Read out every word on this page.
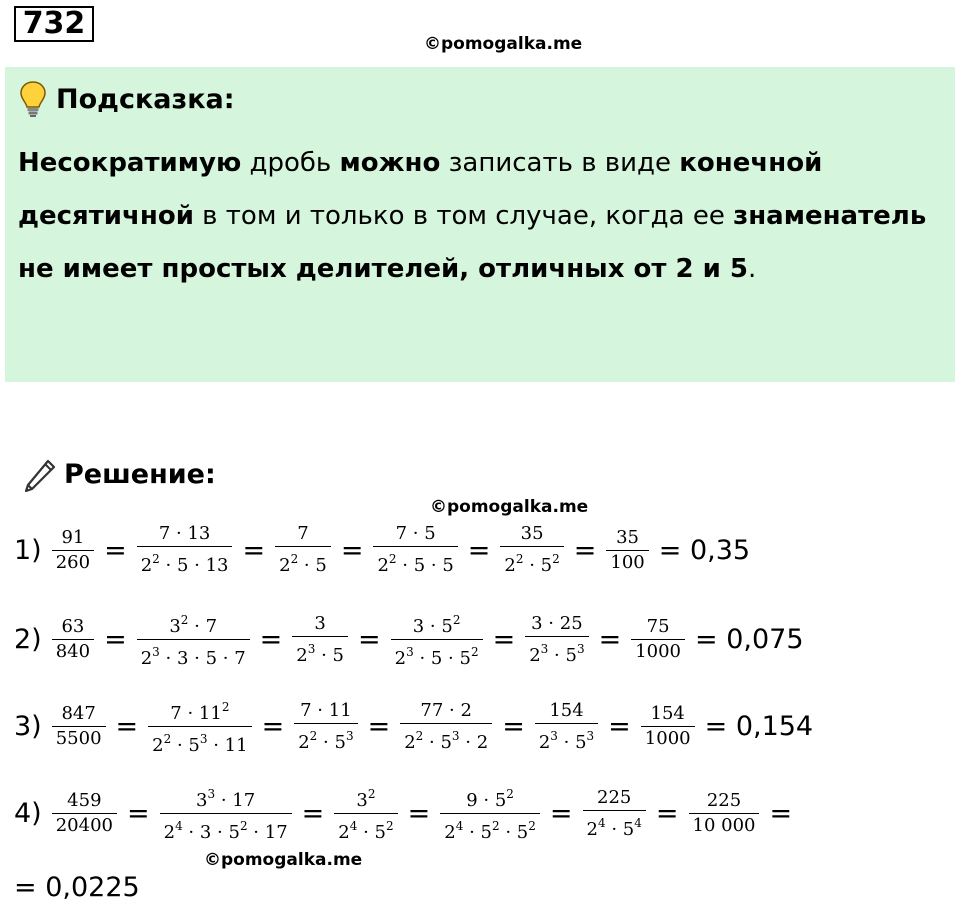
732
©pomogalka.me
Подсказка:
Несократимую дробь можно записать в виде конечной десятичной в том и только в том случае, когда ее знаменатель не имеет простых делителей, отличных от 2 и 5.
Решение:
©pomogalka.me
$1) \frac{91}{260} = \frac{7 \cdot 13}{2^2 \cdot 5 \cdot 13} = \frac{7}{2^2 \cdot 5} = \frac{7 \cdot 5}{2^2 \cdot 5 \cdot 5} = \frac{35}{2^2 \cdot 5^2} = \frac{35}{100} = 0,35$
$2) \frac{63}{840} = \frac{3^2 \cdot 7}{2^3 \cdot 3 \cdot 5 \cdot 7} = \frac{3}{2^3 \cdot 5} = \frac{3 \cdot 5^2}{2^3 \cdot 5 \cdot 5^2} = \frac{3 \cdot 25}{2^3 \cdot 5^3} = \frac{75}{1000} = 0,075$
$3) \frac{847}{5500} = \frac{7 \cdot 11^2}{2^2 \cdot 5^3 \cdot 11} = \frac{7 \cdot 11}{2^2 \cdot 5^3} = \frac{77 \cdot 2}{2^2 \cdot 5^3 \cdot 2} = \frac{154}{2^3 \cdot 5^3} = \frac{154}{1000} = 0,154$
$4) \frac{459}{20400} = \frac{3^3 \cdot 17}{2^4 \cdot 3 \cdot 5^2 \cdot 17} = \frac{3^2}{2^4 \cdot 5^2} = \frac{9 \cdot 5^2}{2^4 \cdot 5^2 \cdot 5^2} = \frac{225}{2^4 \cdot 5^4} = \frac{225}{10 000}$ =
©pomogalka.me
= 0,0225
